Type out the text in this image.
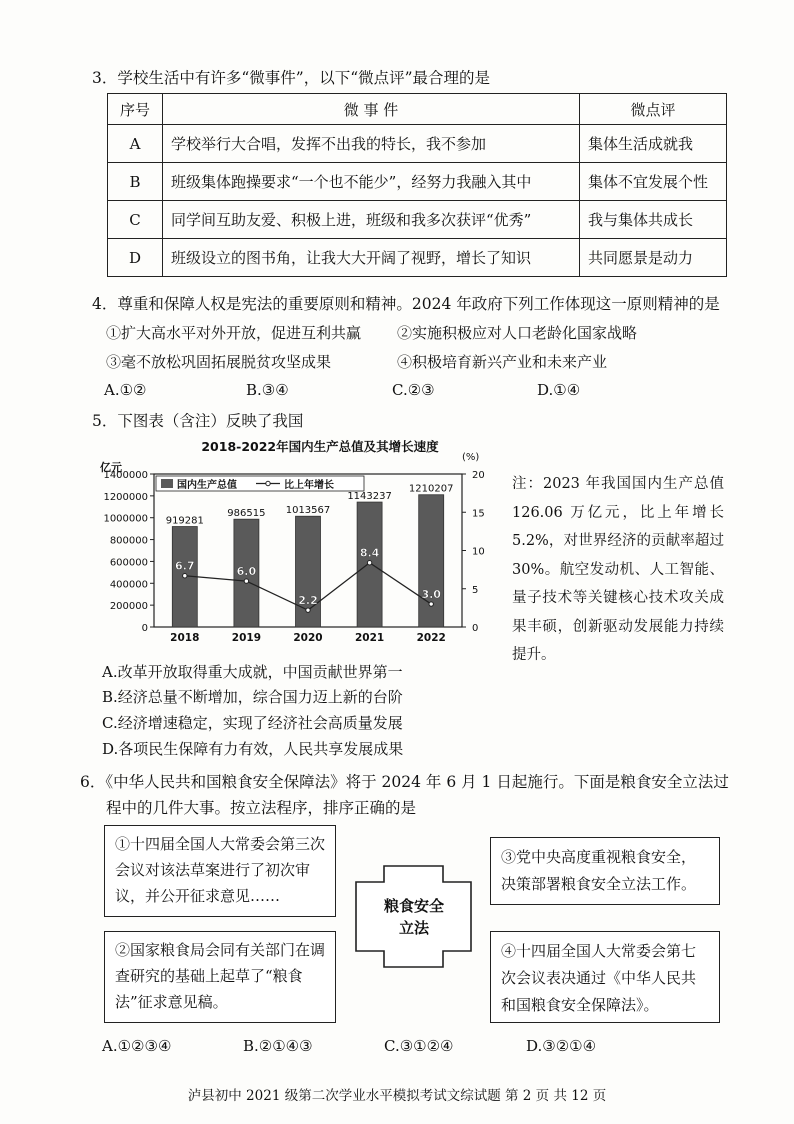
3．学校生活中有许多“微事件”，以下“微点评”最合理的是
序号	微 事 件	微点评
A	学校举行大合唱，发挥不出我的特长，我不参加	集体生活成就我
B	班级集体跑操要求“一个也不能少”，经努力我融入其中	集体不宜发展个性
C	同学间互助友爱、积极上进，班级和我多次获评“优秀”	我与集体共成长
D	班级设立的图书角，让我大大开阔了视野，增长了知识	共同愿景是动力
4．尊重和保障人权是宪法的重要原则和精神。2024 年政府下列工作体现这一原则精神的是
①扩大高水平对外开放，促进互利共赢 ②实施积极应对人口老龄化国家战略
③毫不放松巩固拓展脱贫攻坚成果	④积极培育新兴产业和未来产业
A.①②	B.③④	C.②③	D.①④
5．下图表（含注）反映了我国
2018-2022年国内生产总值及其增长速度
亿元
(%)
0
200000
400000
600000
800000
1000000
1200000
1400000
0
5
10
15
20
919281
2018
986515
2019
1013567
2020
1143237
2021
1210207
2022
6.7	6.0
2.2
8.4
3.0
国内生产总值	比上年增长	注：2023 年我国国内生产总值 126.06 万亿元，比上年增长 5.2%，对世界经济的贡献率超过 30%。航空发动机、人工智能、量子技术等关键核心技术攻关成果丰硕，创新驱动发展能力持续提升。
A.改革开放取得重大成就，中国贡献世界第一
B.经济总量不断增加，综合国力迈上新的台阶
C.经济增速稳定，实现了经济社会高质量发展
D.各项民生保障有力有效，人民共享发展成果
6．《中华人民共和国粮食安全保障法》将于 2024 年 6 月 1 日起施行。下面是粮食安全立法过
程中的几件大事。按立法程序，排序正确的是
粮食安全立法
①十四届全国人大常委会第三次会议对该法草案进行了初次审议，并公开征求意见……
②国家粮食局会同有关部门在调查研究的基础上起草了“粮食法”征求意见稿。
③党中央高度重视粮食安全，决策部署粮食安全立法工作。
④十四届全国人大常委会第七次会议表决通过《中华人民共和国粮食安全保障法》。
A.①②③④	B.②①④③	C.③①②④	D.③②①④
泸县初中 2021 级第二次学业水平模拟考试文综试题 第 2 页 共 12 页
